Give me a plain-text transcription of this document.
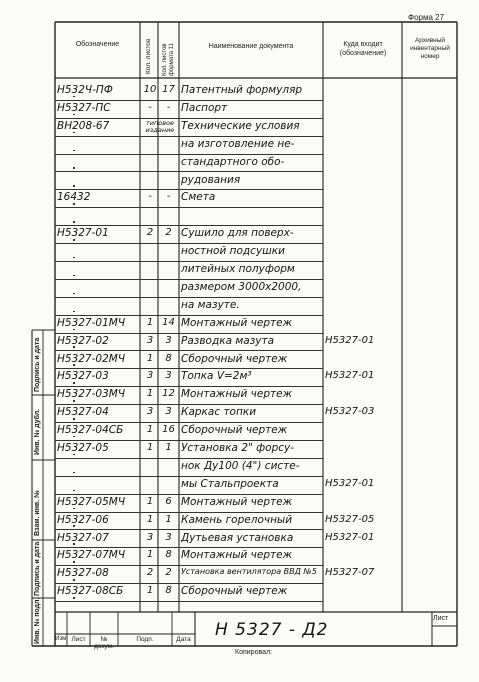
Форма 27
Обозначение	Кол. листов Кол. листов формата 11	Наименование документа	Куда входит (обозначение)
Архивный инвентарный номер
Н532Ч-ПФ	10 17 Патентный формуляр
Н5327-ПС	-	-	Паспорт
ВН208-67	типовое издание Технические условия
на изготовление не-
стандартного обо-
рудования
16432	-	-	Смета
Н5327-01	2	2 Сушило для поверх-
ностной подсушки
литейных полуформ
размером 3000х2000,
на мазуте.
Н5327-01МЧ	1 14 Монтажный чертеж
Н5327-02	3	3 Разводка мазута	Н5327-01
Н5327-02МЧ	1	8 Сборочный чертеж
Н5327-03	3	3 Топка V=2м³	Н5327-01
Н5327-03МЧ	1 12 Монтажный чертеж
Н5327-04	3	3 Каркас топки	Н5327-03
Н5327-04СБ	1 16 Сборочный чертеж
Н5327-05	1	1 Установка 2" форсу-
нок Ду100 (4") систе-
мы Стальпроекта	Н5327-01
Н5327-05МЧ	1	6 Монтажный чертеж
Н5327-06	1	1 Камень горелочный	Н5327-05
Н5327-07	3	3 Дутьевая установка	Н5327-01
Н5327-07МЧ	1	8 Монтажный чертеж
Н5327-08	2	2	Установка вентилятора ВВД №5 Н5327-07
Н5327-08СБ	1	8 Сборочный чертеж
Подпись и дата
Инв. № дубл.
Взам. инв. №
Подпись и дата
Инв. № подл. Изм. Лист	№ докум.
Подп.	Дата Н 5327 - Д2
Лист
Копировал:
